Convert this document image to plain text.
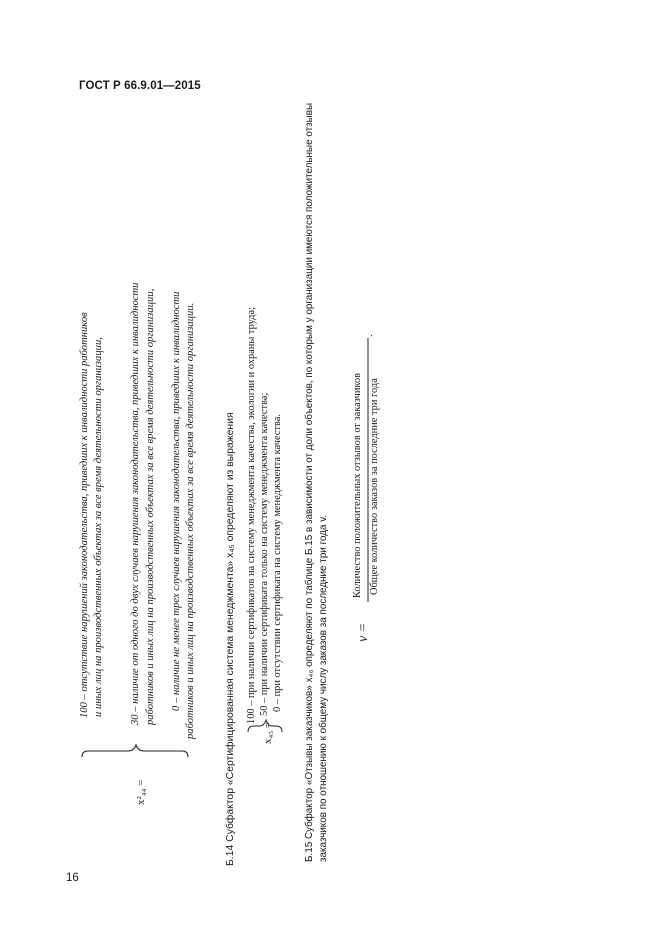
ГОСТ Р 66.9.01—2015
16
x²₄₄ =
100 – отсутствие нарушений законодательства, приведших к инвалидности работников и иных лиц на производственных объектах за все время деятельности организации, 30 – наличие от одного до двух случаев нарушения законодательства, приведших к инвалидности работников и иных лиц на производственных объектах за все время деятельности организации, 0 – наличие не менее трех случаев нарушения законодательства, приведших к инвалидности работников и иных лиц на производственных объектах за все время деятельности организации.	Б.14 Субфактор «Сертифицированная система менеджмента» x₄₅ определяют из выражения x₄₅ =
100 – при наличии сертификатов на систему менеджмента качества, экологии и охраны труда; 50 – при наличии сертификата только на систему менеджмента качества; 0 – при отсутствии сертификата на систему менеджмента качества. Б.15 Субфактор «Отзывы заказчиков» x₄₆ определяют по таблице Б.15 в зависимости от доли объектов, по которым у организации имеются положительные отзывы заказчиков по отношению к общему числу заказов за последние три года v. v =
Количество положительных отзывов от заказчиков Общее количество заказов за последние три года
.
